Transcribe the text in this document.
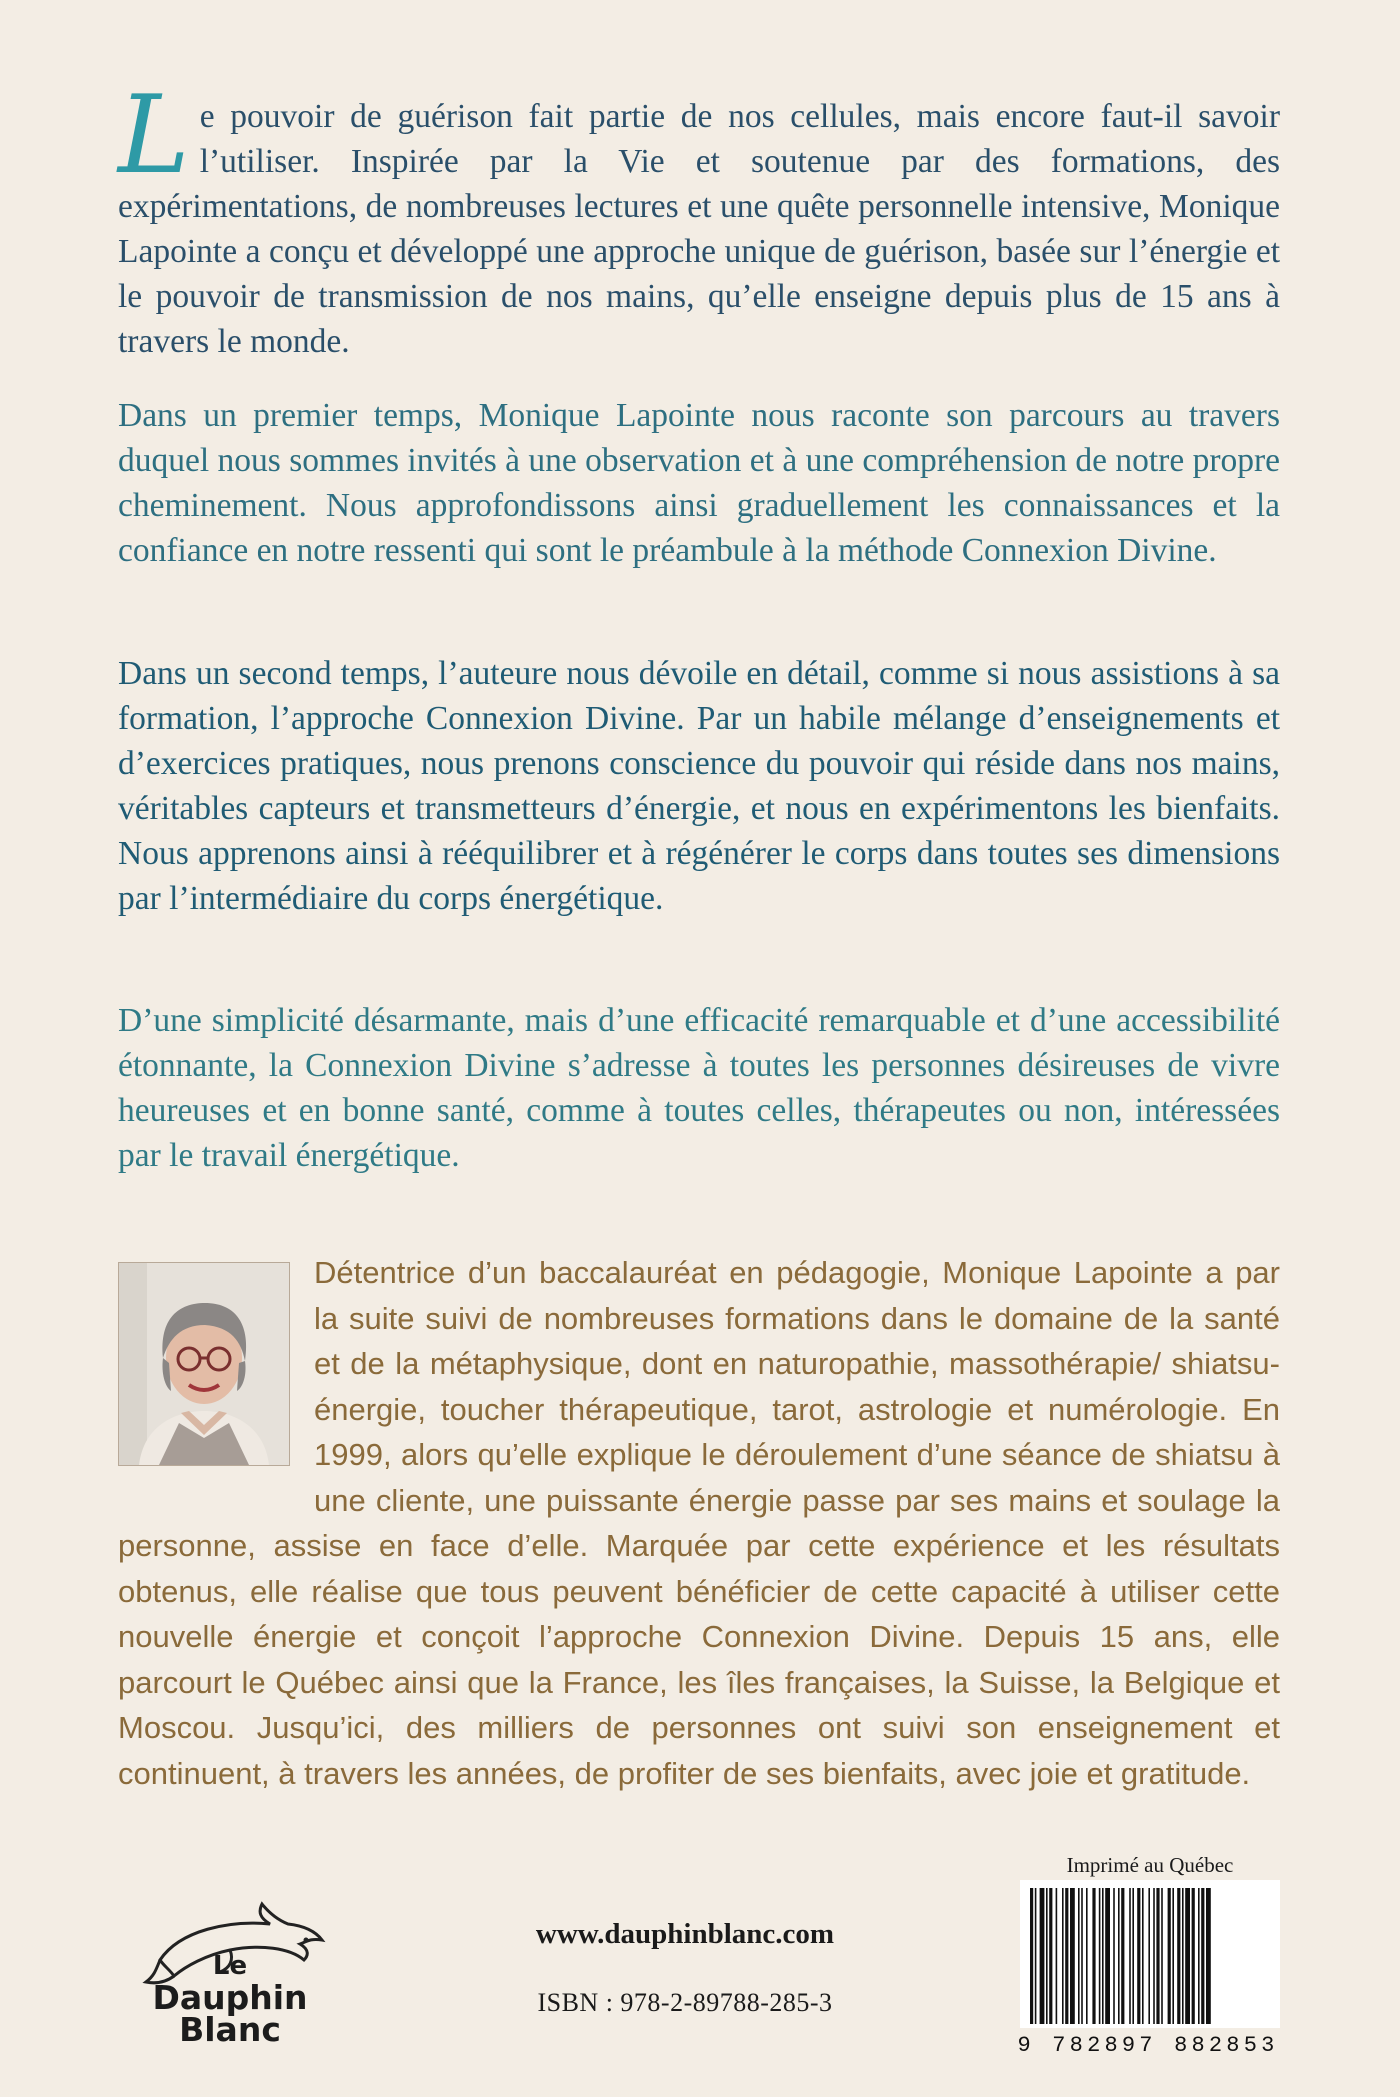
Le pouvoir de guérison fait partie de nos cellules, mais encore faut-il savoir l’utiliser. Inspirée par la Vie et soutenue par des formations, des expérimentations, de nombreuses lectures et une quête personnelle intensive, Monique Lapointe a conçu et développé une approche unique de guérison, basée sur l’énergie et le pouvoir de transmission de nos mains, qu’elle enseigne depuis plus de 15 ans à travers le monde.

Dans un premier temps, Monique Lapointe nous raconte son parcours au travers duquel nous sommes invités à une observation et à une compréhension de notre propre cheminement. Nous approfondissons ainsi graduellement les connaissances et la confiance en notre ressenti qui sont le préambule à la méthode Connexion Divine.

Dans un second temps, l’auteure nous dévoile en détail, comme si nous assistions à sa formation, l’approche Connexion Divine. Par un habile mélange d’enseignements et d’exercices pratiques, nous prenons conscience du pouvoir qui réside dans nos mains, véritables capteurs et transmetteurs d’énergie, et nous en expérimentons les bienfaits. Nous apprenons ainsi à rééquilibrer et à régénérer le corps dans toutes ses dimensions par l’intermédiaire du corps énergétique.

D’une simplicité désarmante, mais d’une efficacité remarquable et d’une accessibilité étonnante, la Connexion Divine s’adresse à toutes les personnes désireuses de vivre heureuses et en bonne santé, comme à toutes celles, thérapeutes ou non, intéressées par le travail énergétique.

Détentrice d’un baccalauréat en pédagogie, Monique Lapointe a par la suite suivi de nombreuses formations dans le domaine de la santé et de la métaphysique, dont en naturopathie, massothérapie/ shiatsu-énergie, toucher thérapeutique, tarot, astrologie et numérologie. En 1999, alors qu’elle explique le déroulement d’une séance de shiatsu à une cliente, une puissante énergie passe par ses mains et soulage la personne, assise en face d’elle. Marquée par cette expérience et les résultats obtenus, elle réalise que tous peuvent bénéficier de cette capacité à utiliser cette nouvelle énergie et conçoit l’approche Connexion Divine. Depuis 15 ans, elle parcourt le Québec ainsi que la France, les îles françaises, la Suisse, la Belgique et Moscou. Jusqu’ici, des milliers de personnes ont suivi son enseignement et continuent, à travers les années, de profiter de ses bienfaits, avec joie et gratitude.

Le
Dauphin
Blanc
www.dauphinblanc.com
ISBN : 978-2-89788-285-3
Imprimé au Québec
9 782897 882853
